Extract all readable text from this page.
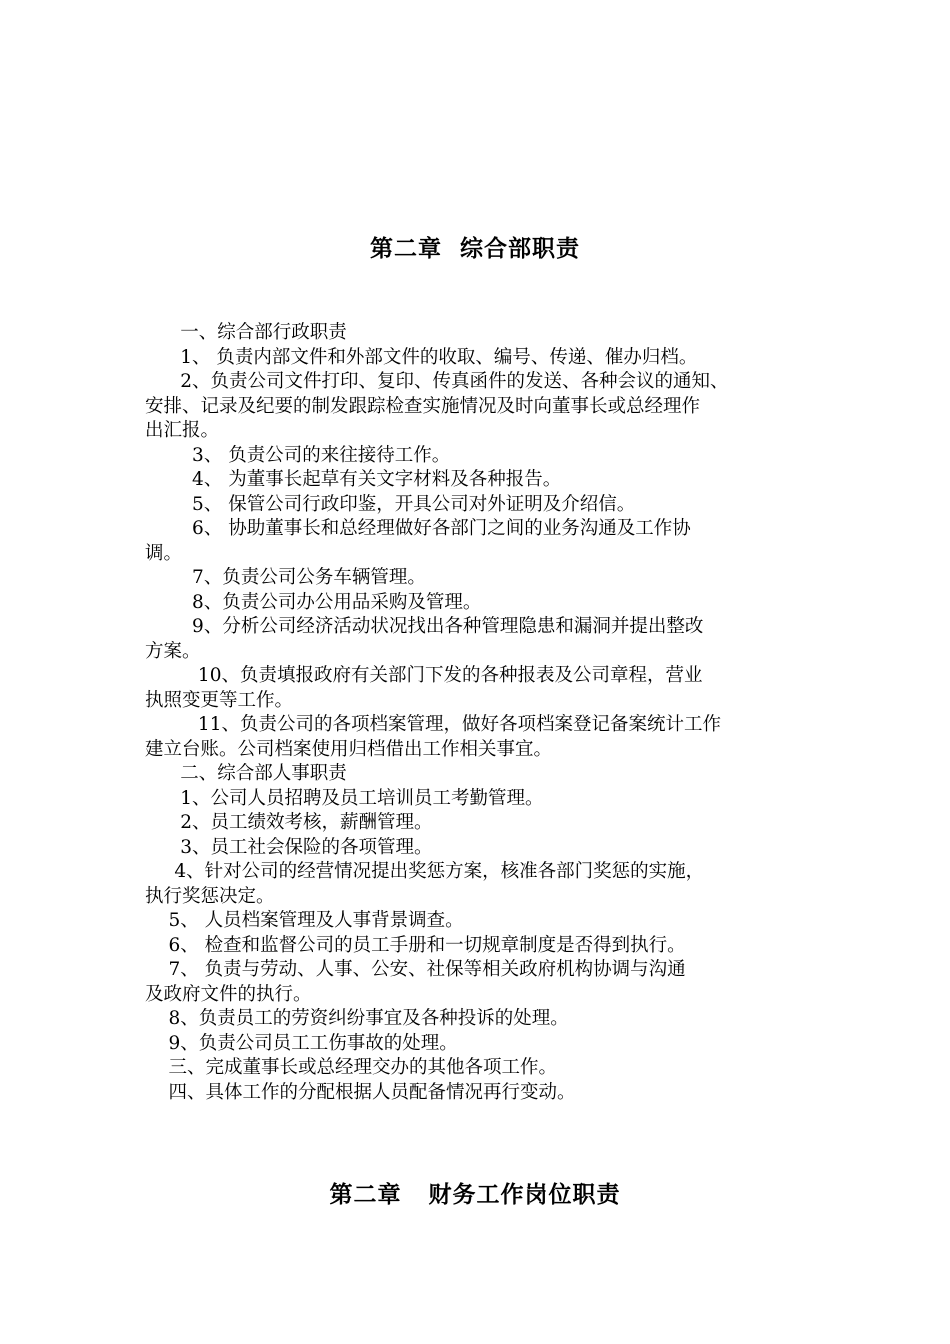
第二章  综合部职责
一、综合部行政职责
1、 负责内部文件和外部文件的收取、编号、传递、催办归档。
2、负责公司文件打印、复印、传真函件的发送、各种会议的通知、
安排、记录及纪要的制发跟踪检查实施情况及时向董事长或总经理作
出汇报。
3、 负责公司的来往接待工作。
4、 为董事长起草有关文字材料及各种报告。
5、 保管公司行政印鉴，开具公司对外证明及介绍信。
6、 协助董事长和总经理做好各部门之间的业务沟通及工作协
调。
7、负责公司公务车辆管理。
8、负责公司办公用品采购及管理。
9、分析公司经济活动状况找出各种管理隐患和漏洞并提出整改
方案。
10、负责填报政府有关部门下发的各种报表及公司章程，营业
执照变更等工作。
11、负责公司的各项档案管理，做好各项档案登记备案统计工作
建立台账。公司档案使用归档借出工作相关事宜。
二、综合部人事职责
1、公司人员招聘及员工培训员工考勤管理。
2、员工绩效考核，薪酬管理。
3、员工社会保险的各项管理。
4、针对公司的经营情况提出奖惩方案，核准各部门奖惩的实施，
执行奖惩决定。
5、 人员档案管理及人事背景调查。
6、 检查和监督公司的员工手册和一切规章制度是否得到执行。
7、 负责与劳动、人事、公安、社保等相关政府机构协调与沟通
及政府文件的执行。
8、负责员工的劳资纠纷事宜及各种投诉的处理。
9、负责公司员工工伤事故的处理。
三、完成董事长或总经理交办的其他各项工作。
四、具体工作的分配根据人员配备情况再行变动。
第二章   财务工作岗位职责
